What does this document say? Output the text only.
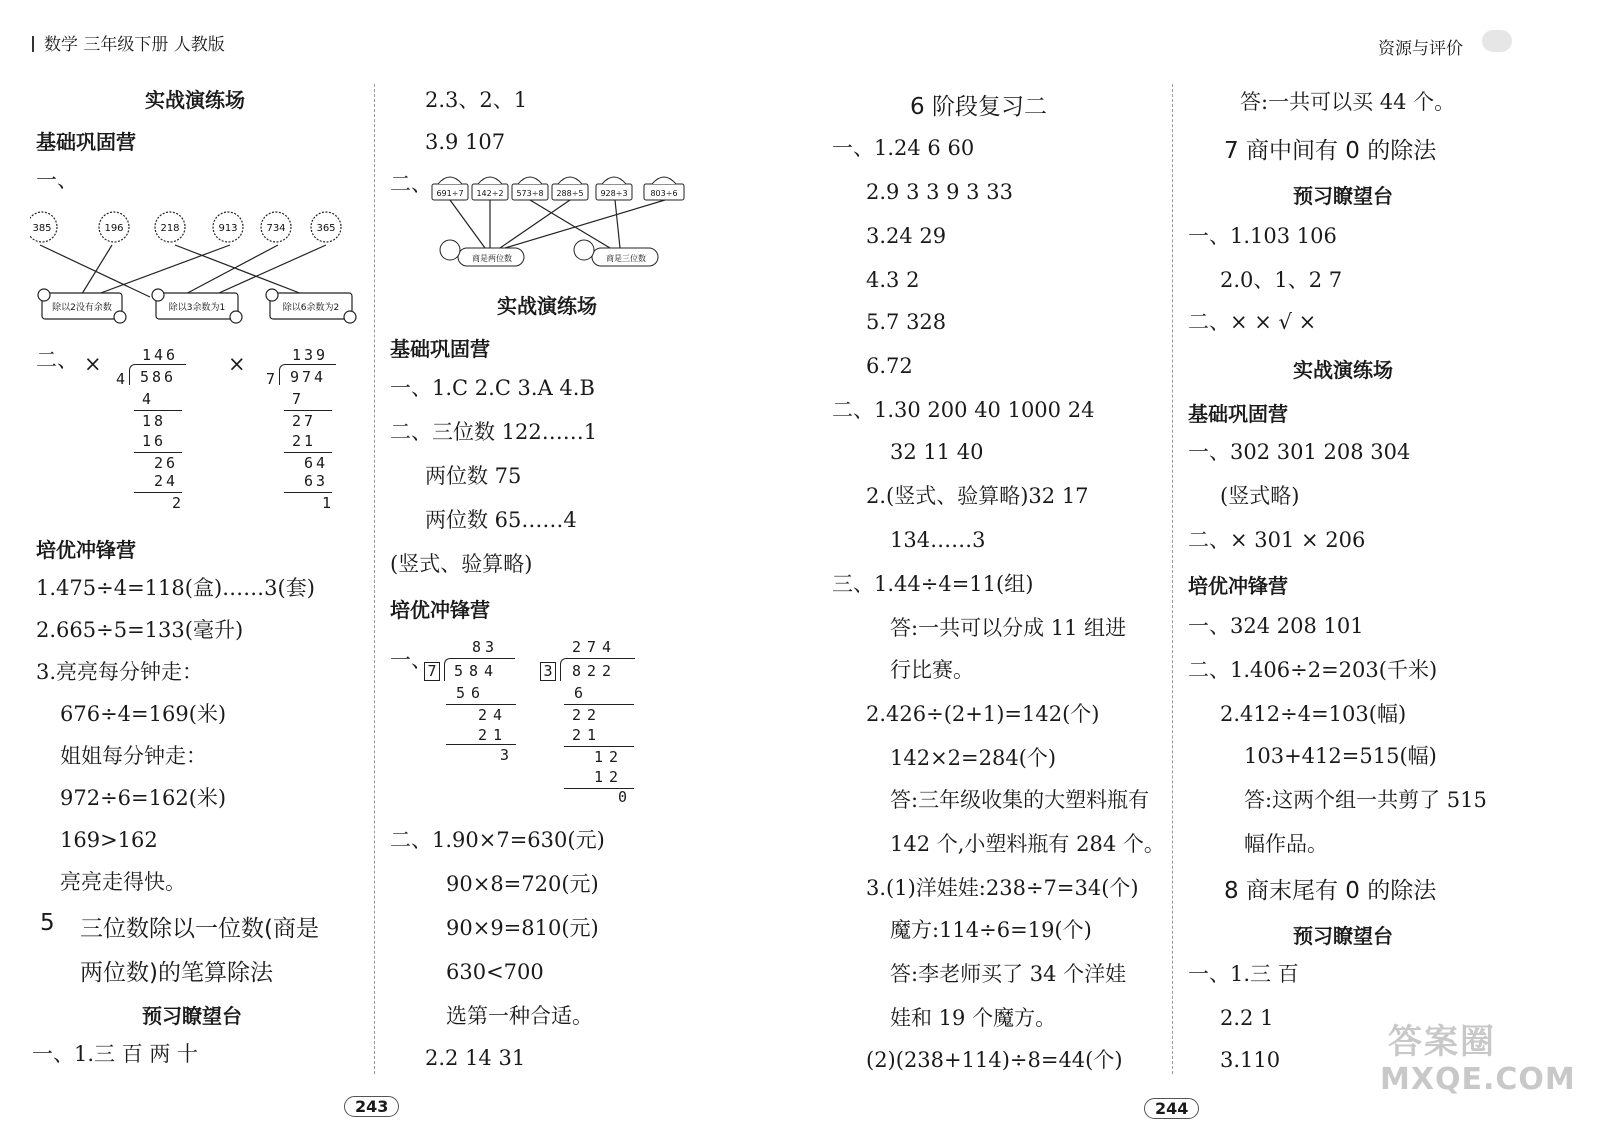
数学 三年级下册 人教版	资源与评价
实战演练场
基础巩固营
一、
385	196	218	913	734	365
除以2没有余数	除以3余数为1	除以6余数为2
二、 ×	×
146
4 586
4
18
16
26
24
2
139
7 974
7
27
21
64
63
1
培优冲锋营
1.475÷4=118(盒)……3(套)
2.665÷5=133(毫升)
3.亮亮每分钟走：
676÷4=169(米)
姐姐每分钟走：
972÷6=162(米)
169>162
亮亮走得快。
5 三位数除以一位数(商是
两位数)的笔算除法
预习瞭望台
一、1.三 百 两 十
2.3、2、1
3.9 107
二、 691÷7 142÷2 573÷8 288÷5 928÷3	803÷6
商是两位数	商是三位数
实战演练场
基础巩固营
一、1.C 2.C 3.A 4.B
二、三位数 122……1
两位数 75
两位数 65……4
(竖式、验算略)
培优冲锋营
一、
83
7 584
56
24
21
3
274
3 822
6
22
21
12
12
0
二、1.90×7=630(元)
90×8=720(元)
90×9=810(元)
630<700
选第一种合适。
2.2 14 31
6 阶段复习二
一、1.24 6 60
2.9 3 3 9 3 33
3.24 29
4.3 2
5.7 328
6.72
二、1.30 200 40 1000 24
32 11 40
2.(竖式、验算略)32 17
134……3
三、1.44÷4=11(组)
答:一共可以分成 11 组进
行比赛。
2.426÷(2+1)=142(个)
142×2=284(个)
答:三年级收集的大塑料瓶有
142 个,小塑料瓶有 284 个。
3.(1)洋娃娃:238÷7=34(个)
魔方:114÷6=19(个)
答:李老师买了 34 个洋娃
娃和 19 个魔方。
(2)(238+114)÷8=44(个)
答:一共可以买 44 个。
7 商中间有 0 的除法
预习瞭望台
一、1.103 106
2.0、1、2 7
二、× × √ ×
实战演练场
基础巩固营
一、302 301 208 304
(竖式略)
二、× 301 × 206
培优冲锋营
一、324 208 101
二、1.406÷2=203(千米)
2.412÷4=103(幅)
103+412=515(幅)
答:这两个组一共剪了 515
幅作品。
8 商末尾有 0 的除法
预习瞭望台
一、1.三 百
2.2 1
3.110
243	244
答案圈
MXQE.COM
